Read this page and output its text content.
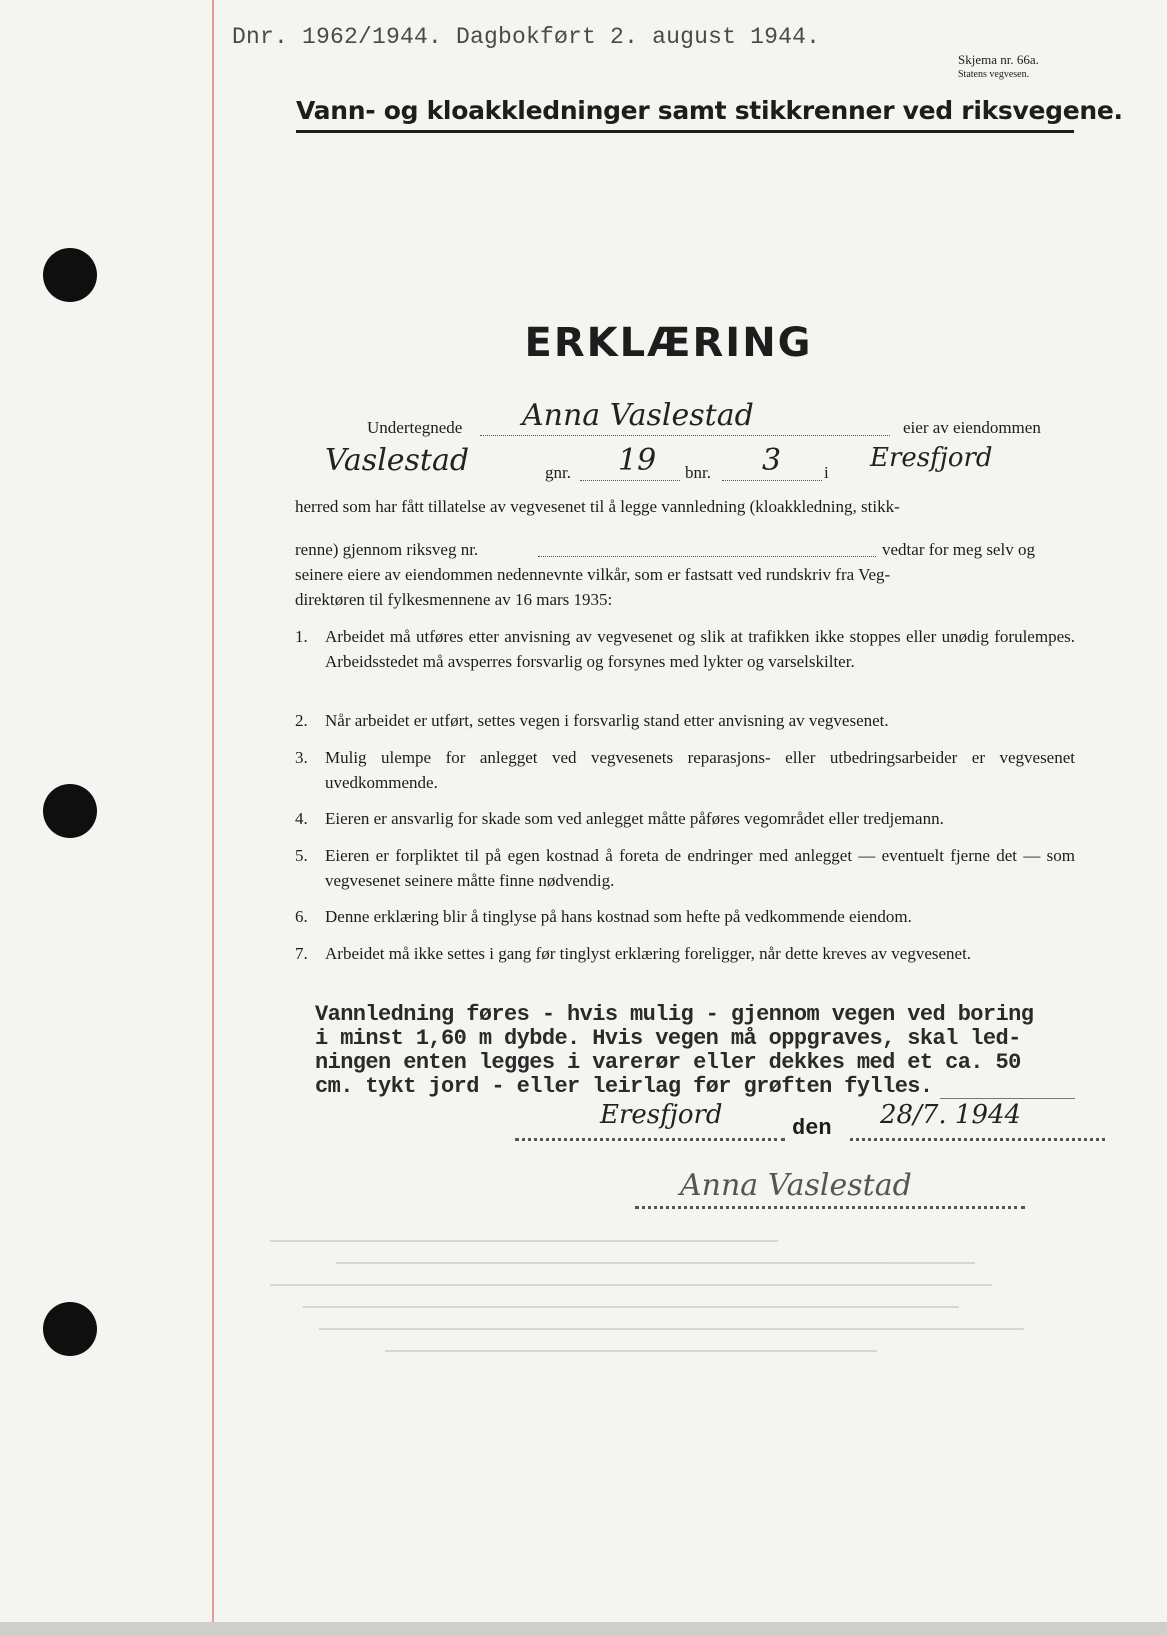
Dnr. 1962/1944. Dagbokført 2. august 1944.
Skjema nr. 66a.
Statens vegvesen.
Vann- og kloakkledninger samt stikkrenner ved riksvegene.
ERKLÆRING
Undertegnede Anna Vaslestad	eier av eiendommen
Vaslestad	gnr. 19 bnr. 3	i Eresfjord
herred som har fått tillatelse av vegvesenet til å legge vannledning (kloakkledning, stikk-
renne) gjennom riksveg nr.	vedtar for meg selv og
seinere eiere av eiendommen nedennevnte vilkår, som er fastsatt ved rundskriv fra Veg-
direktøren til fylkesmennene av 16 mars 1935:
1. Arbeidet må utføres etter anvisning av vegvesenet og slik at trafikken ikke stoppes eller unødig forulempes. Arbeidsstedet må avsperres forsvarlig og forsynes med lykter og varselskilter.
2. Når arbeidet er utført, settes vegen i forsvarlig stand etter anvisning av vegvesenet.
3. Mulig ulempe for anlegget ved vegvesenets reparasjons- eller utbedringsarbeider er vegvesenet uvedkommende.
4. Eieren er ansvarlig for skade som ved anlegget måtte påføres vegområdet eller tredjemann.
5. Eieren er forpliktet til på egen kostnad å foreta de endringer med anlegget — eventuelt fjerne det — som vegvesenet seinere måtte finne nødvendig.
6. Denne erklæring blir å tinglyse på hans kostnad som hefte på vedkommende eiendom.
7. Arbeidet må ikke settes i gang før tinglyst erklæring foreligger, når dette kreves av vegvesenet.
Vannledning føres - hvis mulig - gjennom vegen ved boring
i minst 1,60 m dybde. Hvis vegen må oppgraves, skal led-
ningen enten legges i varerør eller dekkes med et ca. 50
cm. tykt jord - eller leirlag før grøften fylles.
Eresfjord	den 28/7. 1944
Anna Vaslestad
